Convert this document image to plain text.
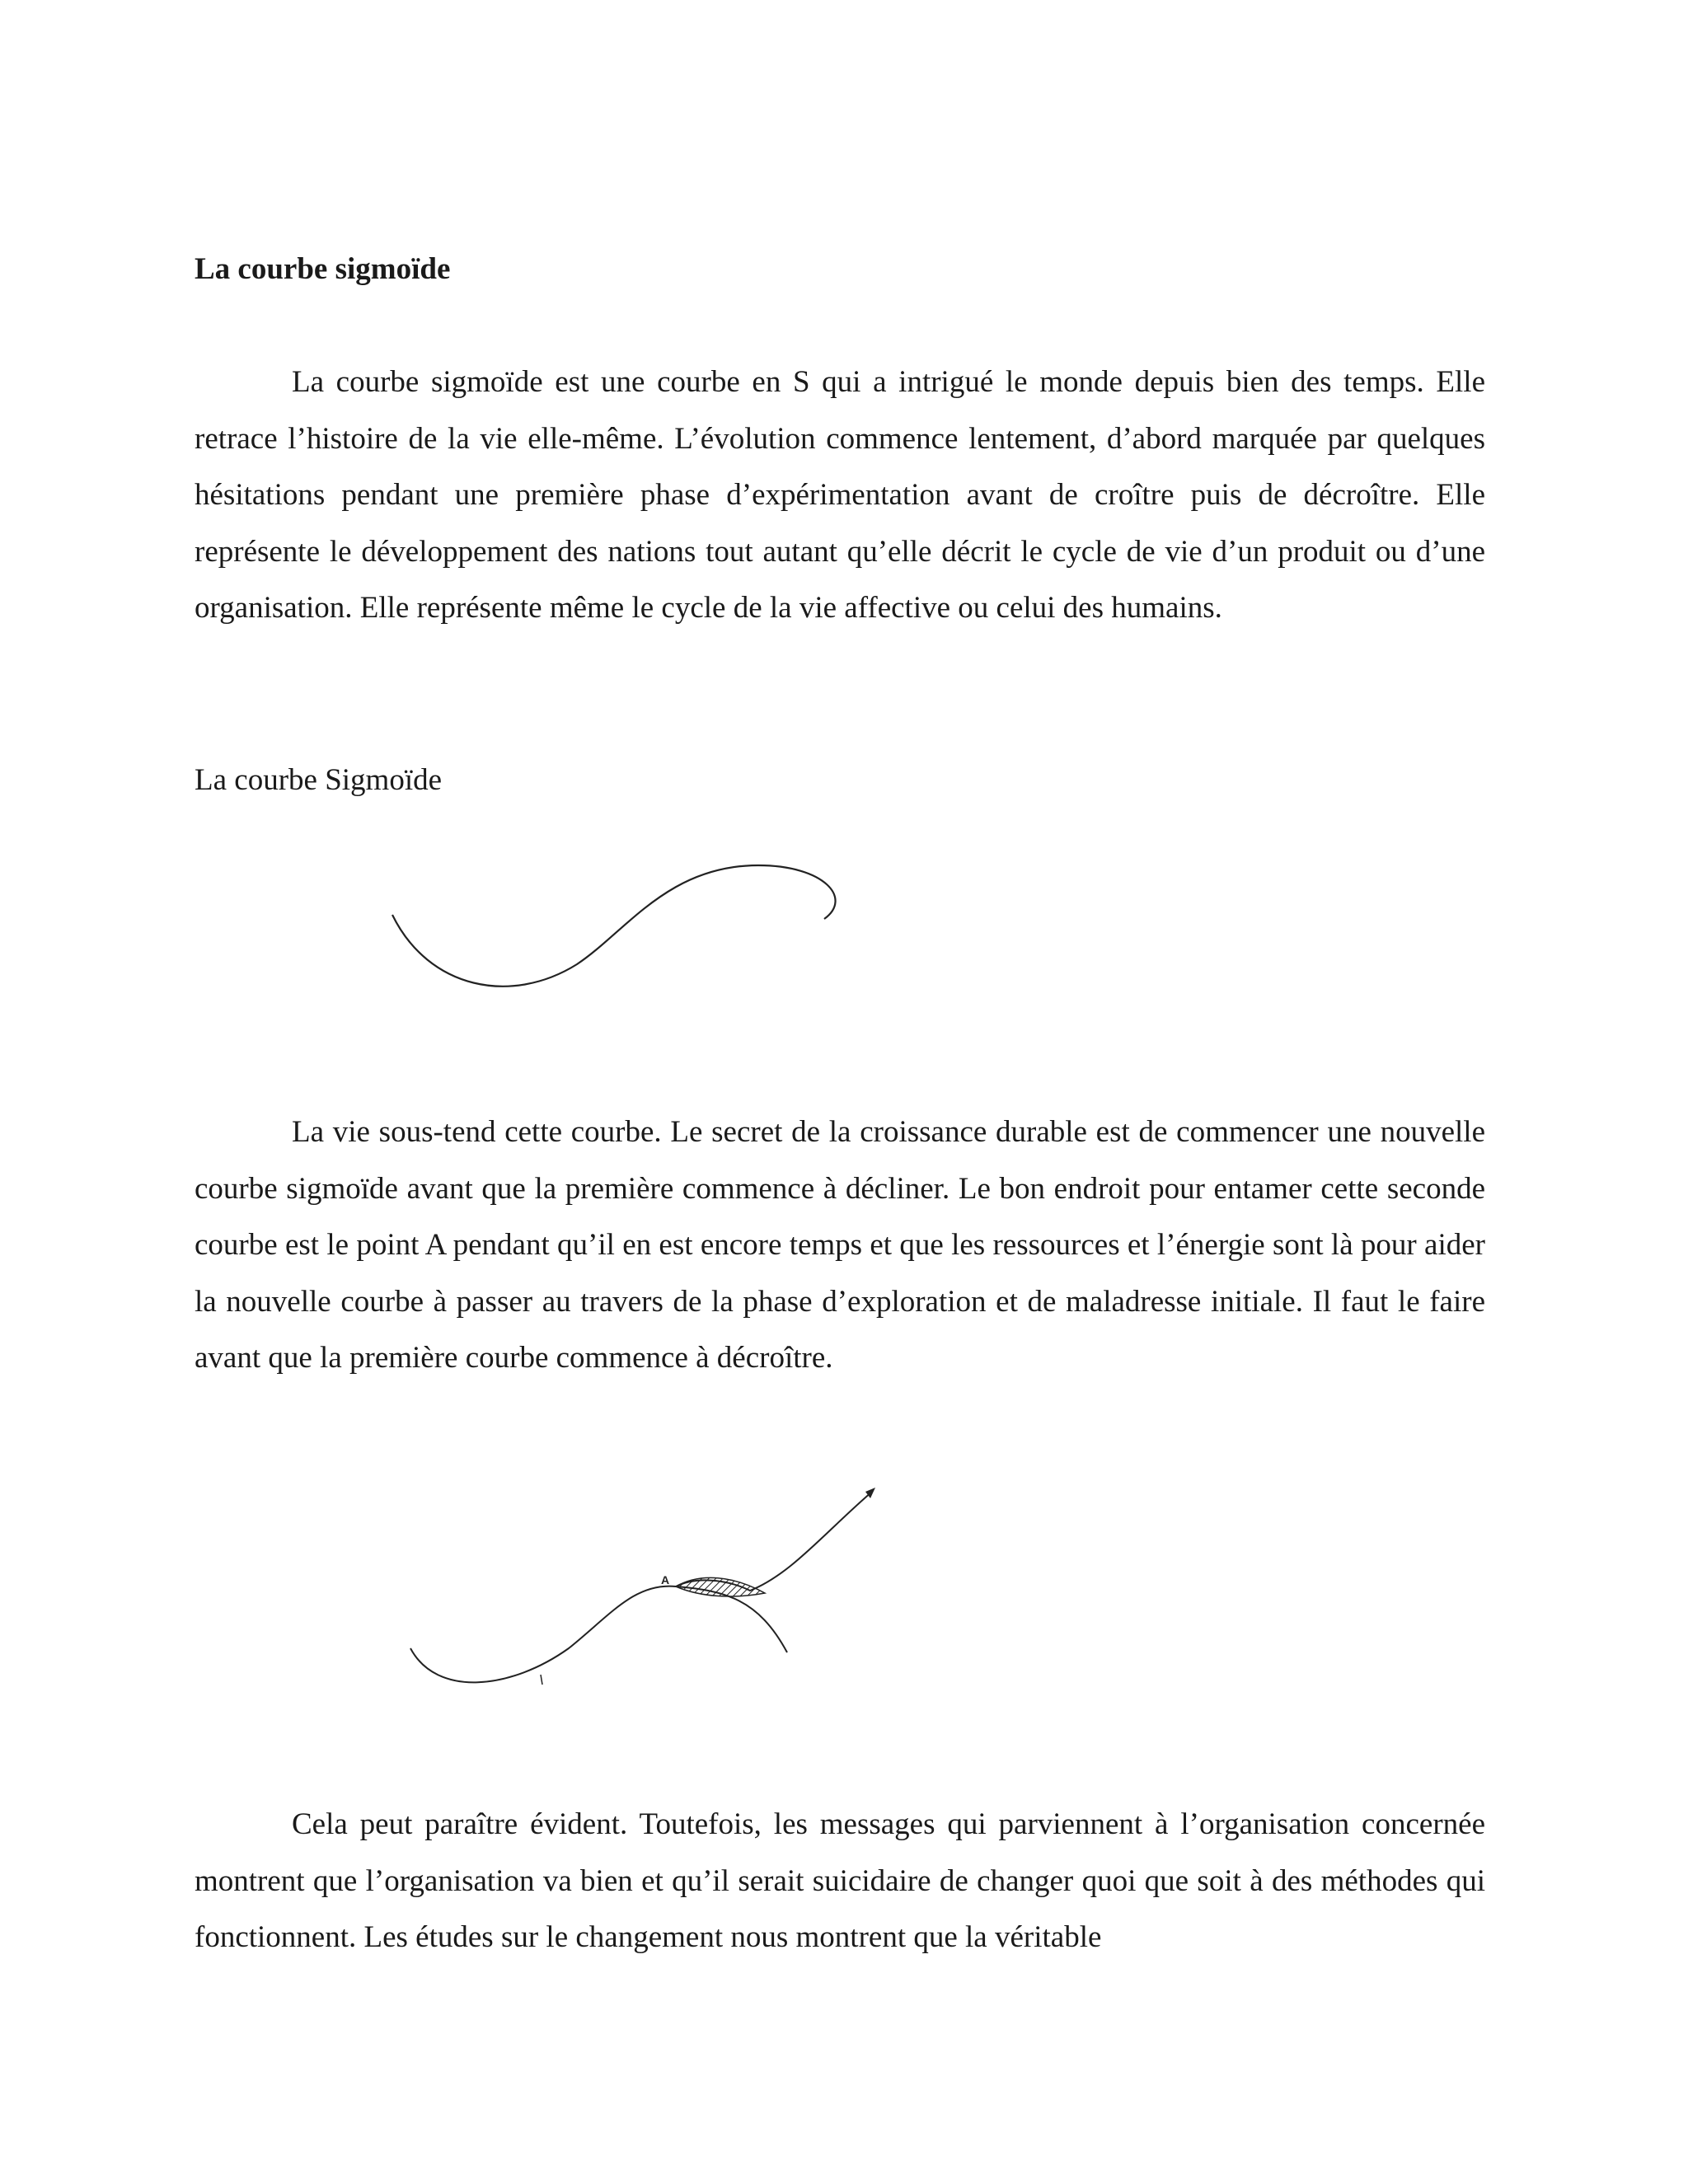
La courbe sigmoïde

La courbe sigmoïde est une courbe en S qui a intrigué le monde depuis bien des temps. Elle retrace l’histoire de la vie elle-même. L’évolution commence lentement, d’abord marquée par quelques hésitations pendant une première phase d’expérimentation avant de croître puis de décroître. Elle représente le développement des nations tout autant qu’elle décrit le cycle de vie d’un produit ou d’une organisation. Elle représente même le cycle de la vie affective ou celui des humains.

La courbe Sigmoïde

La vie sous-tend cette courbe. Le secret de la croissance durable est de commencer une nouvelle courbe sigmoïde avant que la première commence à décliner. Le bon endroit pour entamer cette seconde courbe est le point A pendant qu’il en est encore temps et que les ressources et l’énergie sont là pour aider la nouvelle courbe à passer au travers de la phase d’exploration et de maladresse initiale. Il faut le faire avant que la première courbe commence à décroître.

A

Cela peut paraître évident. Toutefois, les messages qui parviennent à l’organisation concernée montrent que l’organisation va bien et qu’il serait suicidaire de changer quoi que soit à des méthodes qui fonctionnent. Les études sur le changement nous montrent que la véritable
